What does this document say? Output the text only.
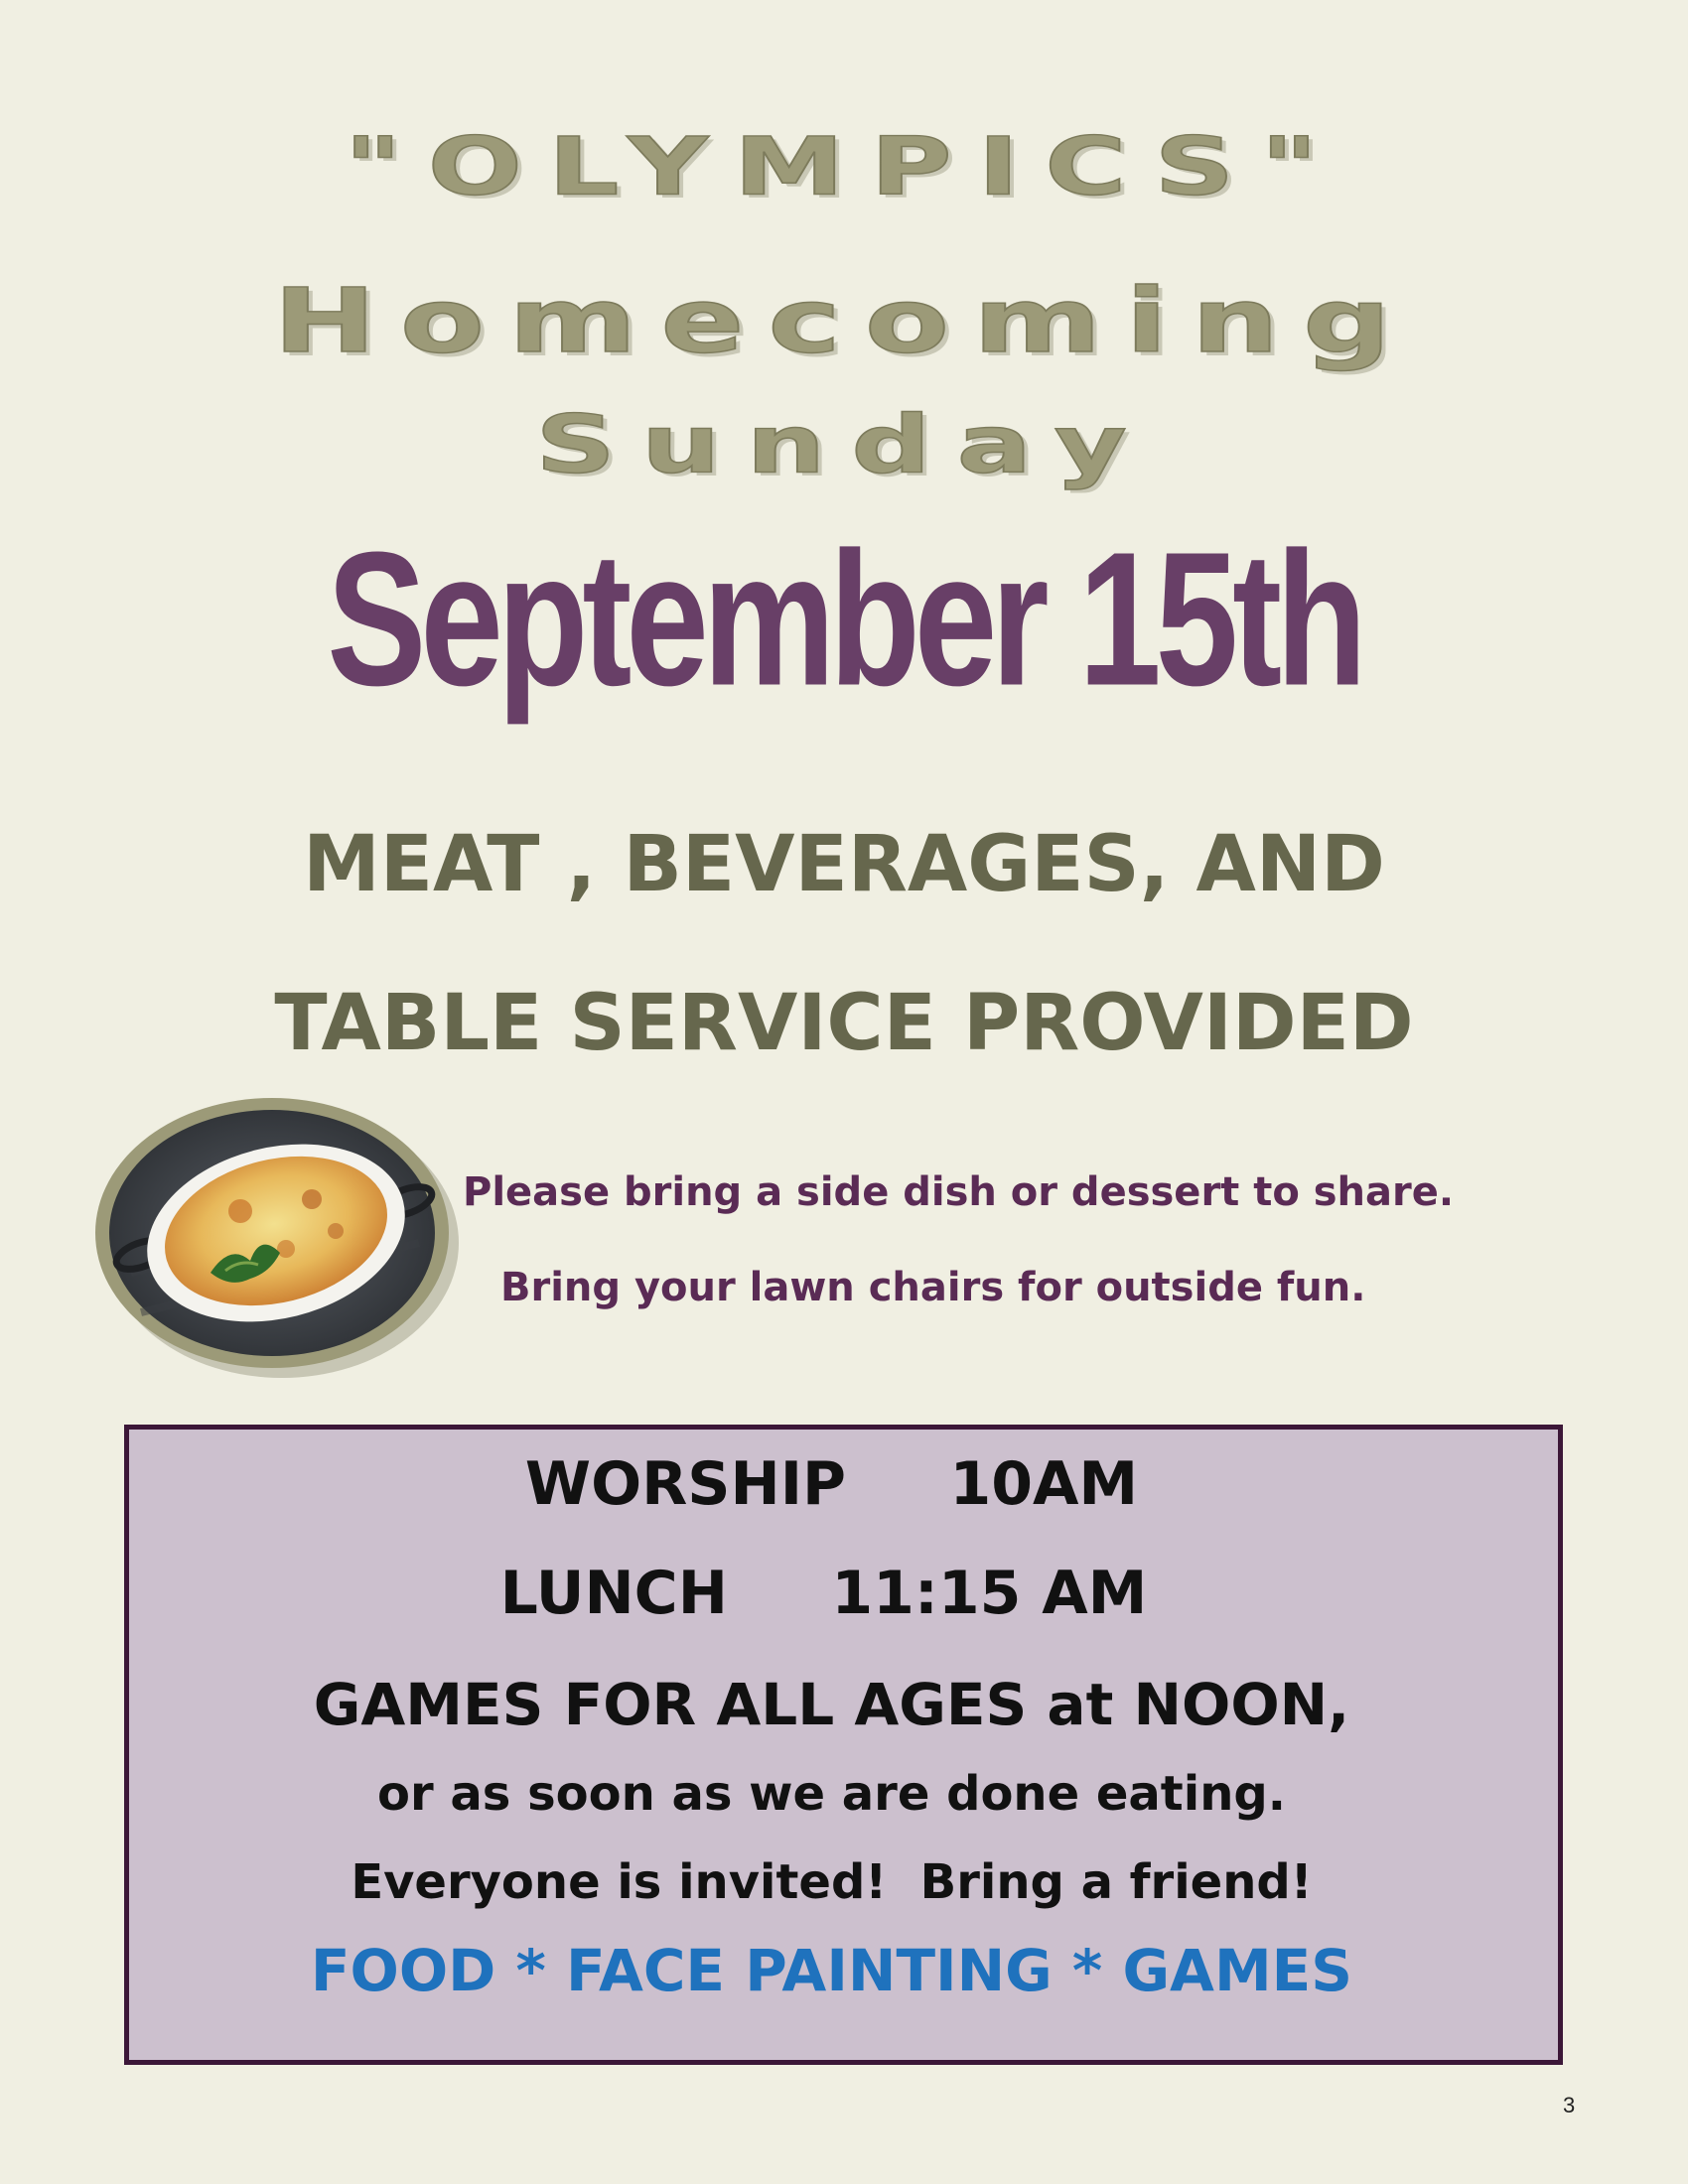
"OLYMPICS"
Homecoming
Sunday
September 15th
MEAT , BEVERAGES, AND
TABLE SERVICE PROVIDED
Please bring a side dish or dessert to share.
Bring your lawn chairs for outside fun.
WORSHIP     10AM
LUNCH     11:15 AM
GAMES FOR ALL AGES at NOON,
or as soon as we are done eating.
Everyone is invited!  Bring a friend!
FOOD * FACE PAINTING * GAMES
3
